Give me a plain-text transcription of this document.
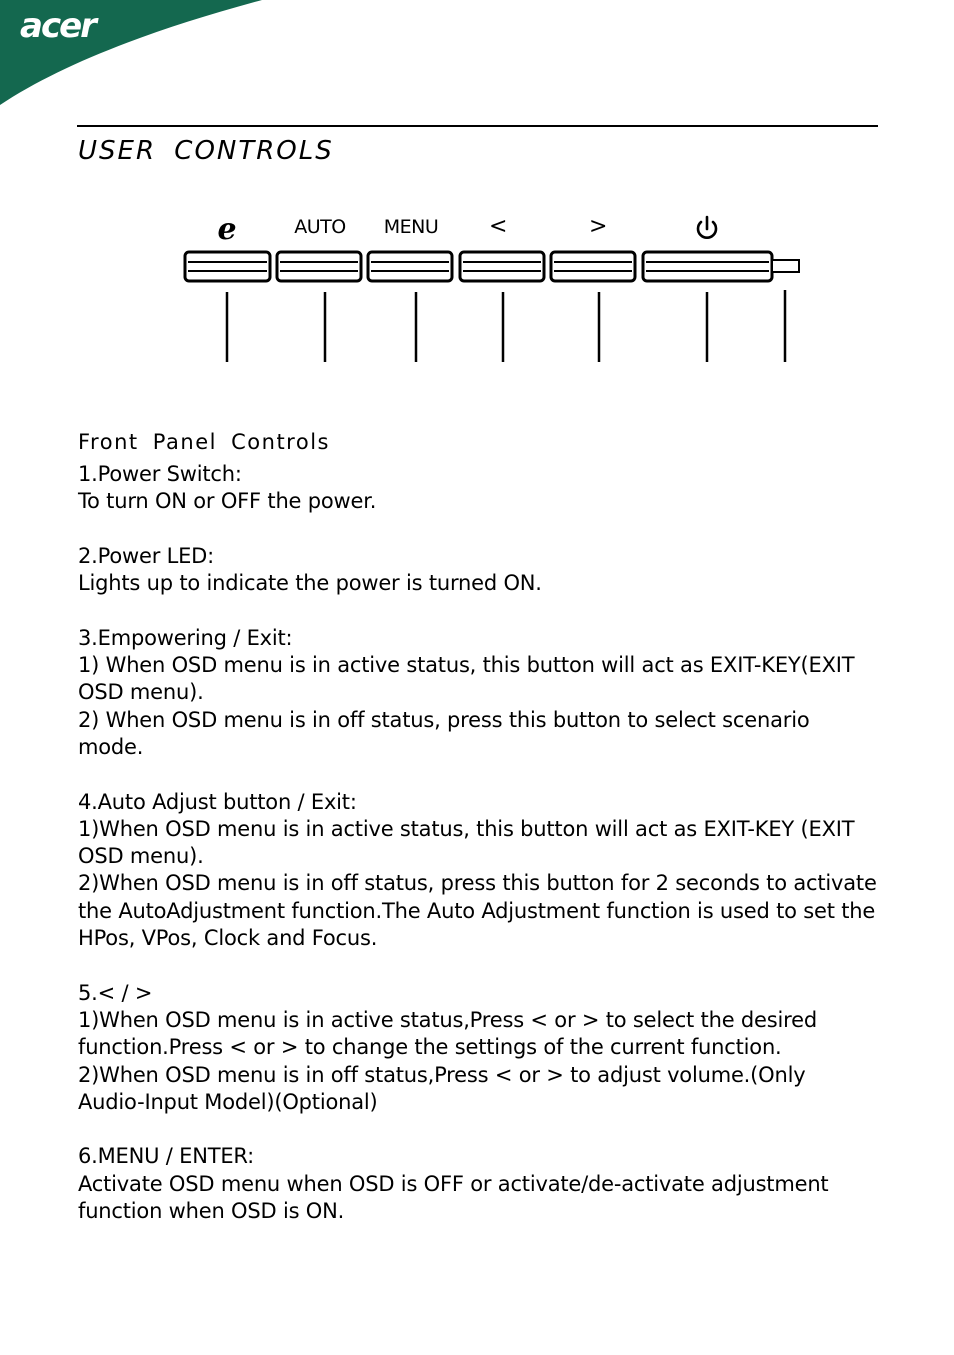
acer
USER CONTROLS
e	AUTO MENU <	>
Front Panel Controls

1.Power Switch:

To turn ON or OFF the power.

2.Power LED:

Lights up to indicate the power is turned ON.

3.Empowering / Exit:

1) When OSD menu is in active status, this button will act as EXIT-KEY(EXIT OSD menu).

2) When OSD menu is in off status, press this button to select scenario mode.

4.Auto Adjust button / Exit:

1)When OSD menu is in active status, this button will act as EXIT-KEY (EXIT OSD menu).

2)When OSD menu is in off status, press this button for 2 seconds to activate the AutoAdjustment function.The Auto Adjustment function is used to set the HPos, VPos, Clock and Focus.

5.< / >

1)When OSD menu is in active status,Press < or > to select the desired function.Press < or > to change the settings of the current function.

2)When OSD menu is in off status,Press < or > to adjust volume.(Only Audio-Input Model)(Optional)

6.MENU / ENTER:

Activate OSD menu when OSD is OFF or activate/de-activate adjustment function when OSD is ON.
